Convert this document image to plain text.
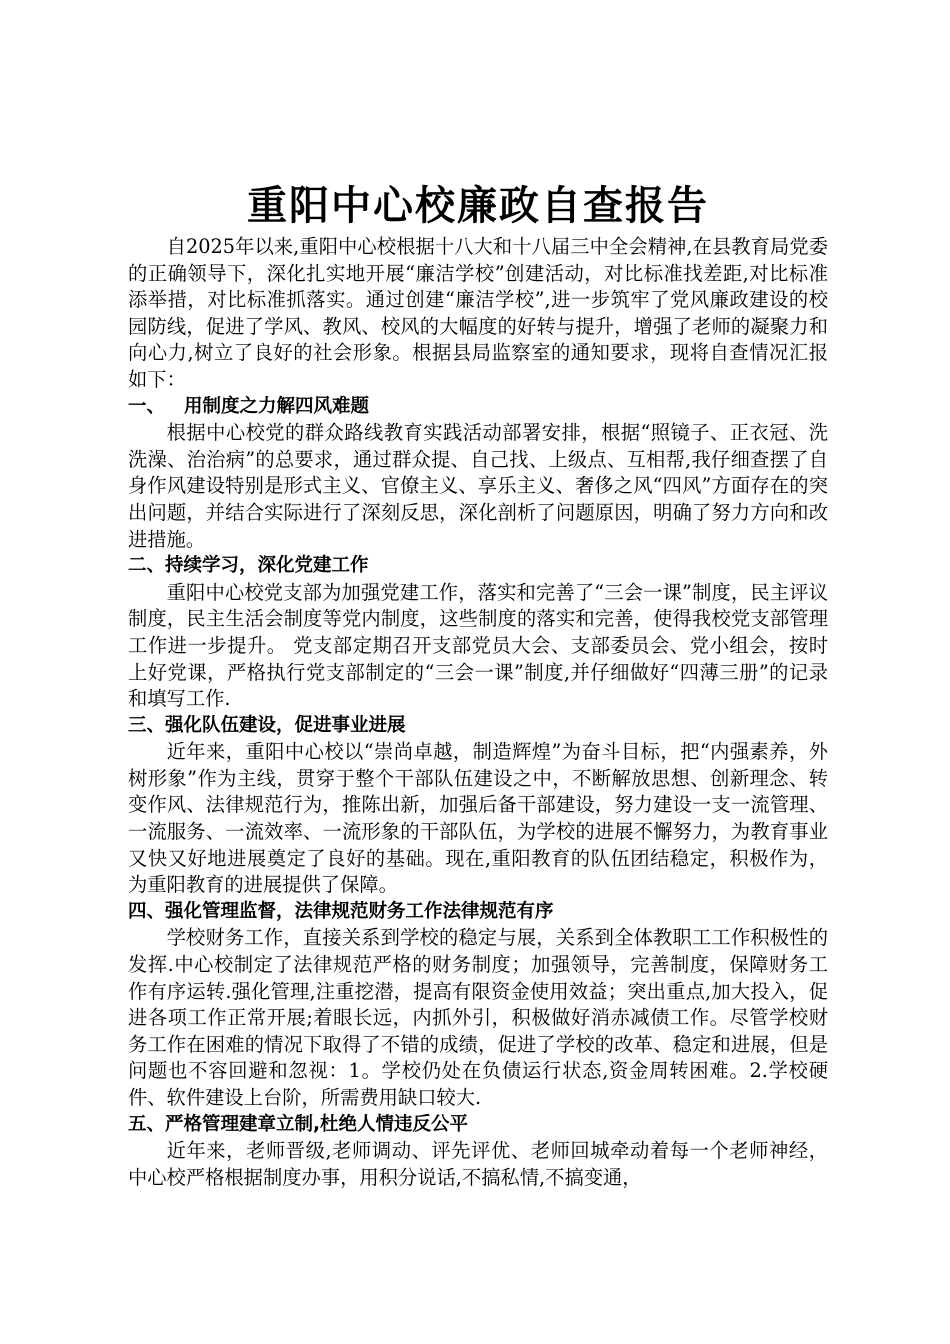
重阳中心校廉政自查报告

自2025年以来,重阳中心校根据十八大和十八届三中全会精神,在县教育局党委的正确领导下，深化扎实地开展“廉洁学校”创建活动，对比标准找差距,对比标准添举措，对比标准抓落实。通过创建“廉洁学校”,进一步筑牢了党风廉政建设的校园防线，促进了学风、教风、校风的大幅度的好转与提升，增强了老师的凝聚力和向心力,树立了良好的社会形象。根据县局监察室的通知要求，现将自查情况汇报如下：

一、 用制度之力解四风难题

根据中心校党的群众路线教育实践活动部署安排，根据“照镜子、正衣冠、洗洗澡、治治病”的总要求，通过群众提、自己找、上级点、互相帮,我仔细查摆了自身作风建设特别是形式主义、官僚主义、享乐主义、奢侈之风“四风”方面存在的突出问题，并结合实际进行了深刻反思，深化剖析了问题原因，明确了努力方向和改进措施。

二、持续学习，深化党建工作

重阳中心校党支部为加强党建工作，落实和完善了“三会一课”制度，民主评议制度，民主生活会制度等党内制度，这些制度的落实和完善，使得我校党支部管理工作进一步提升。 党支部定期召开支部党员大会、支部委员会、党小组会，按时上好党课，严格执行党支部制定的“三会一课”制度,并仔细做好“四薄三册”的记录和填写工作.

三、强化队伍建设，促进事业进展

近年来，重阳中心校以“崇尚卓越，制造辉煌”为奋斗目标，把“内强素养，外树形象”作为主线，贯穿于整个干部队伍建设之中，不断解放思想、创新理念、转变作风、法律规范行为，推陈出新，加强后备干部建设，努力建设一支一流管理、一流服务、一流效率、一流形象的干部队伍，为学校的进展不懈努力，为教育事业又快又好地进展奠定了良好的基础。现在,重阳教育的队伍团结稳定，积极作为，为重阳教育的进展提供了保障。

四、强化管理监督，法律规范财务工作法律规范有序

学校财务工作，直接关系到学校的稳定与展，关系到全体教职工工作积极性的发挥.中心校制定了法律规范严格的财务制度；加强领导，完善制度，保障财务工作有序运转.强化管理,注重挖潜，提高有限资金使用效益；突出重点,加大投入，促进各项工作正常开展;着眼长远，内抓外引，积极做好消赤减债工作。尽管学校财务工作在困难的情况下取得了不错的成绩，促进了学校的改革、稳定和进展，但是问题也不容回避和忽视：1。学校仍处在负债运行状态,资金周转困难。2.学校硬件、软件建设上台阶，所需费用缺口较大.

五、严格管理建章立制,杜绝人情违反公平

近年来，老师晋级,老师调动、评先评优、老师回城牵动着每一个老师神经，中心校严格根据制度办事，用积分说话,不搞私情,不搞变通，
